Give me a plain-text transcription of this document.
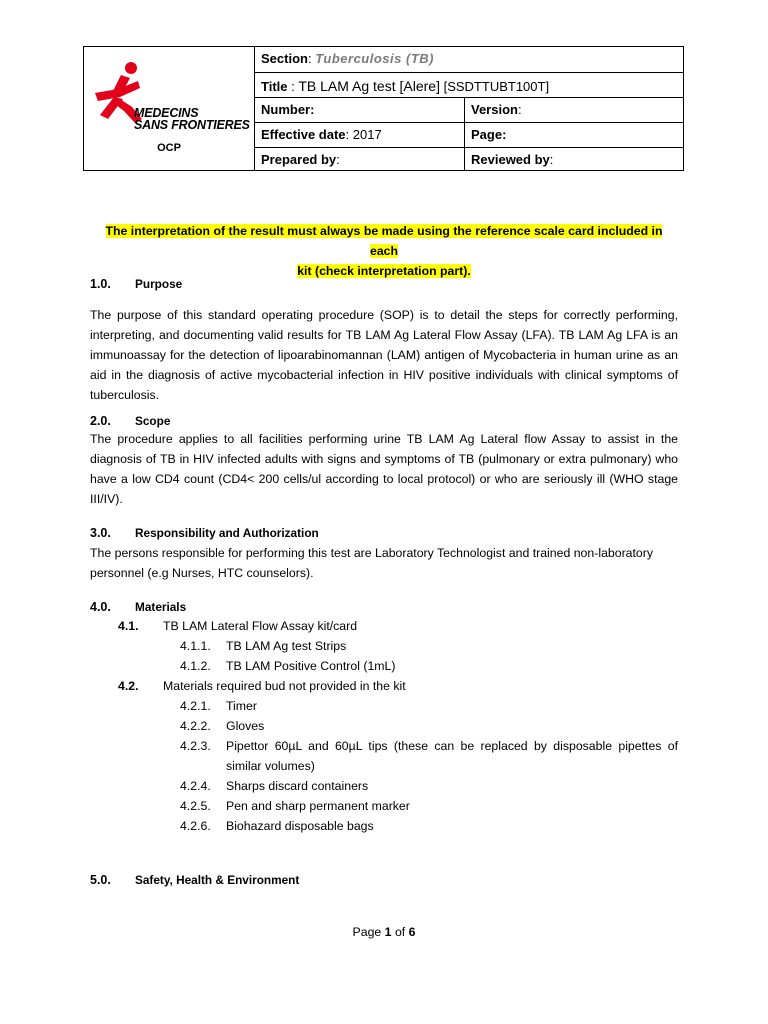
MEDECINS
SANS FRONTIERES
OCP
Section: Tuberculosis (TB)
Title : TB LAM Ag test [Alere] [SSDTTUBT100T]
Number:	Version:
Effective date: 2017	Page:
Prepared by:	Reviewed by:
The interpretation of the result must always be made using the reference scale card included in each
kit (check interpretation part).
1.0. Purpose
The purpose of this standard operating procedure (SOP) is to detail the steps for correctly performing, interpreting, and documenting valid results for TB LAM Ag Lateral Flow Assay (LFA). TB LAM Ag LFA is an immunoassay for the detection of lipoarabinomannan (LAM) antigen of Mycobacteria in human urine as an aid in the diagnosis of active mycobacterial infection in HIV positive individuals with clinical symptoms of tuberculosis.
2.0. Scope
The procedure applies to all facilities performing urine TB LAM Ag Lateral flow Assay to assist in the diagnosis of TB in HIV infected adults with signs and symptoms of TB (pulmonary or extra pulmonary) who have a low CD4 count (CD4< 200 cells/ul according to local protocol) or who are seriously ill (WHO stage III/IV).
3.0. Responsibility and Authorization
The persons responsible for performing this test are Laboratory Technologist and trained non-laboratory personnel (e.g Nurses, HTC counselors).
4.0. Materials
4.1. TB LAM Lateral Flow Assay kit/card
4.1.1. TB LAM Ag test Strips
4.1.2. TB LAM Positive Control (1mL)
4.2. Materials required bud not provided in the kit
4.2.1. Timer
4.2.2. Gloves
4.2.3.	Pipettor 60µL and 60µL tips (these can be replaced by disposable pipettes of similar volumes)
4.2.4. Sharps discard containers
4.2.5. Pen and sharp permanent marker
4.2.6. Biohazard disposable bags
5.0. Safety, Health & Environment
Page 1 of 6
